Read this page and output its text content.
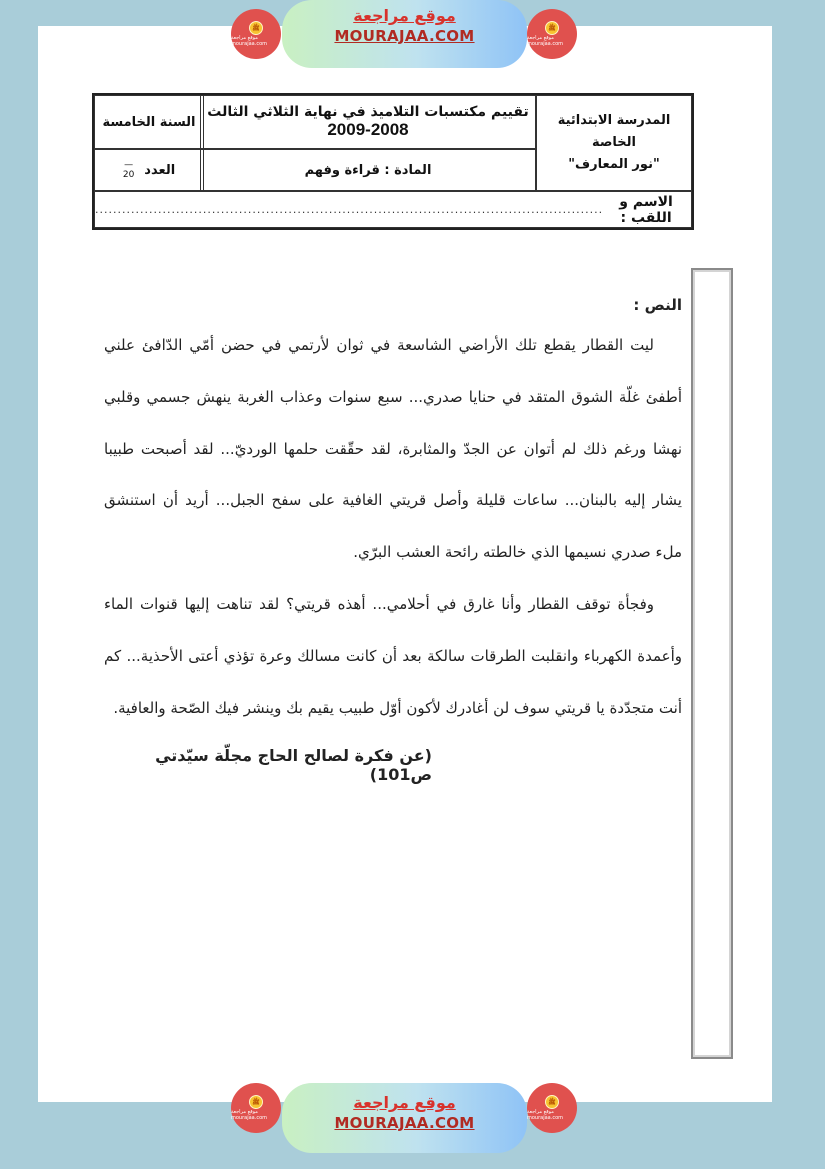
موقع مراجعة
MOURAJAA.COM
ﷺ
موقع مراجعة mourajaa.com
ﷺ
موقع مراجعة mourajaa.com
المدرسة الابتدائية الخاصة
"نور المعارف"
تقييم مكتسبات التلاميذ في نهاية الثلاثي الثالث
2009-2008
السنة الخامسة
المادة : قراءة وفهم
العدد
—
20
الاسم و اللقب :
.................................................................................................................
النص :

ليت القطار يقطع تلك الأراضي الشاسعة في ثوان لأرتمي في حضن أمّي الدّافئ علني أطفئ غلّة الشوق المتقد في حنايا صدري... سبع سنوات وعذاب الغربة ينهش جسمي وقلبي نهشا ورغم ذلك لم أتوان عن الجدّ والمثابرة، لقد حقّقت حلمها الورديّ... لقد أصبحت طبيبا يشار إليه بالبنان... ساعات قليلة وأصل قريتي الغافية على سفح الجبل... أريد أن استنشق ملء صدري نسيمها الذي خالطته رائحة العشب البرّي.

وفجأة توقف القطار وأنا غارق في أحلامي... أهذه قريتي؟ لقد تناهت إليها قنوات الماء وأعمدة الكهرباء وانقلبت الطرقات سالكة بعد أن كانت مسالك وعرة تؤذي أعتى الأحذية... كم أنت متجدّدة يا قريتي سوف لن أغادرك لأكون أوّل طبيب يقيم بك وينشر فيك الصّحة والعافية.

(عن فكرة لصالح الحاج مجلّة سيّدتي ص101)
موقع مراجعة
MOURAJAA.COM
ﷺ
موقع مراجعة mourajaa.com
ﷺ
موقع مراجعة mourajaa.com
